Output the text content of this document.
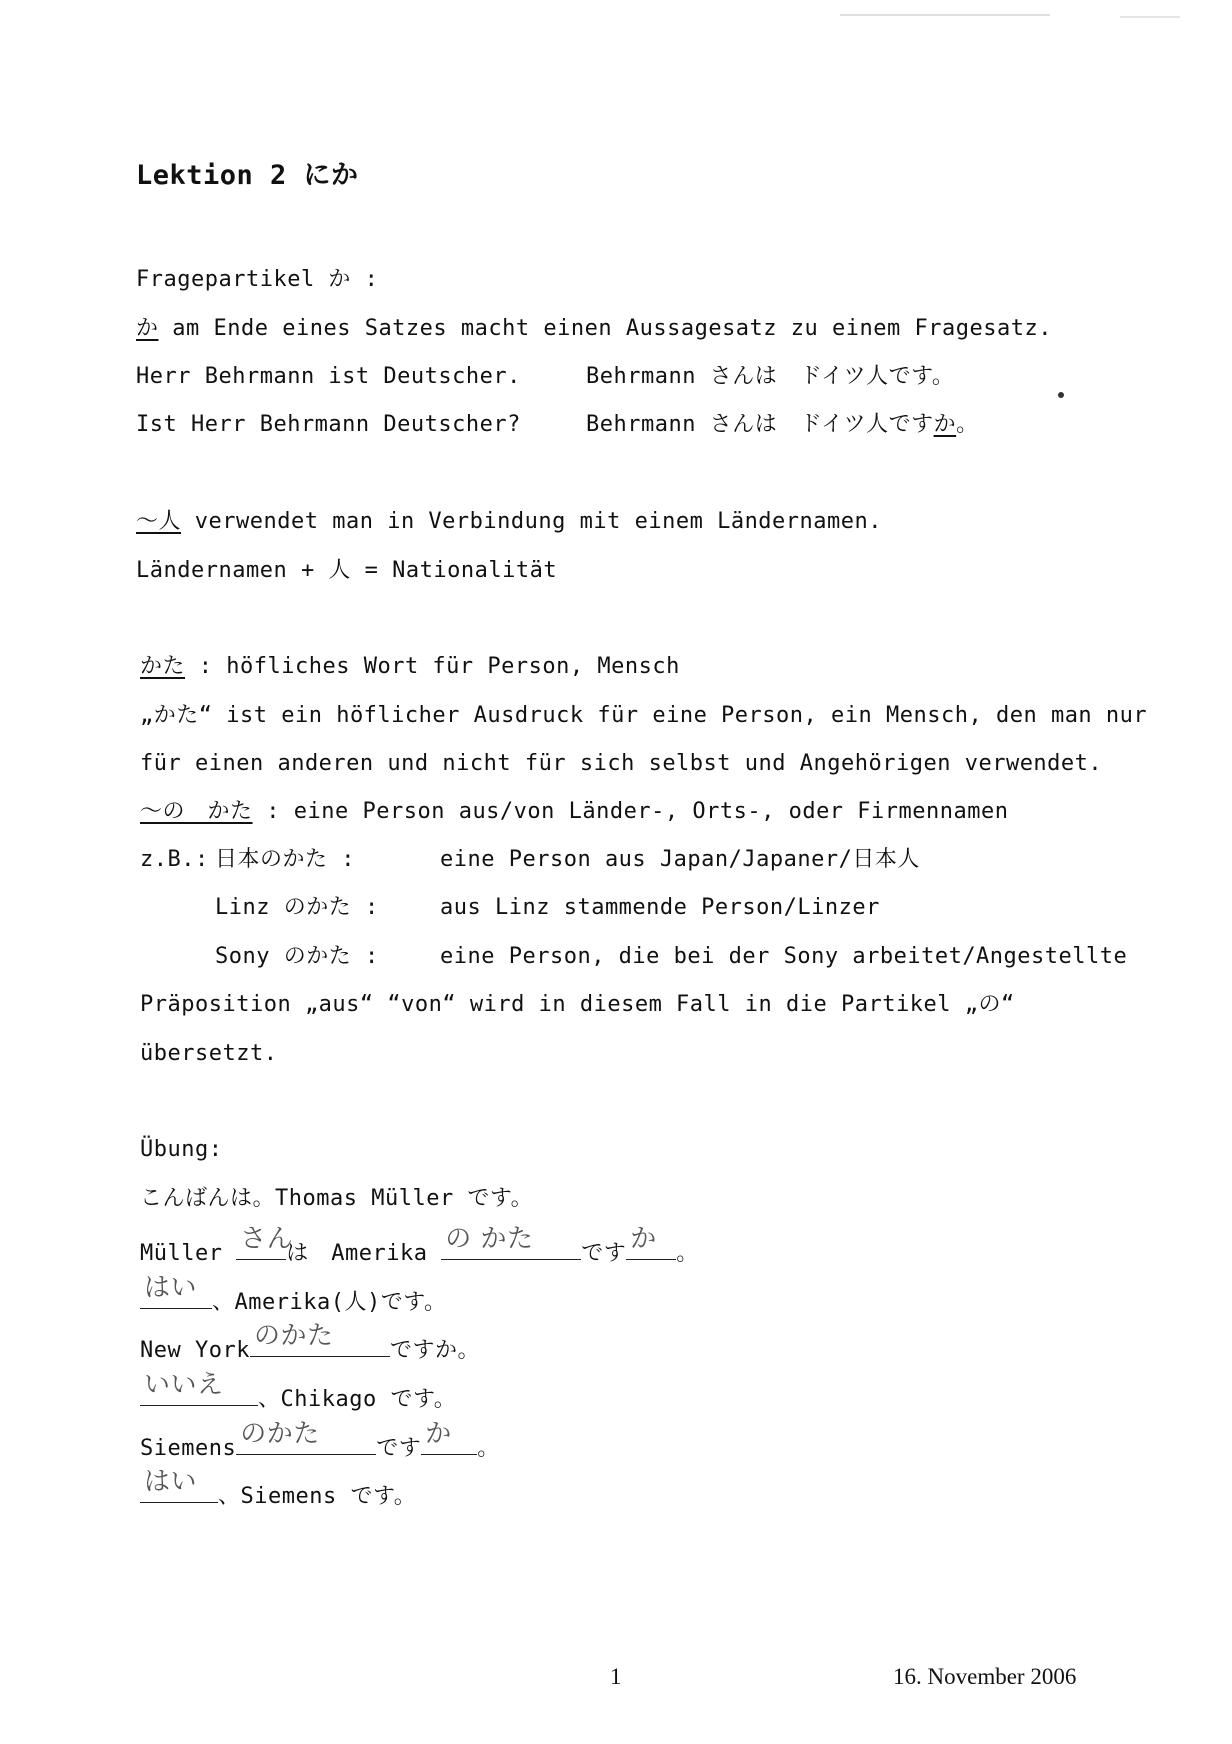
Lektion 2 にか
Fragepartikel か :
か am Ende eines Satzes macht einen Aussagesatz zu einem Fragesatz.
Herr Behrmann ist Deutscher.	Behrmann さんは　ドイツ人です。
Ist Herr Behrmann Deutscher?	Behrmann さんは　ドイツ人ですか。
～人 verwendet man in Verbindung mit einem Ländernamen.
Ländernamen + 人 = Nationalität
かた : höfliches Wort für Person, Mensch
„かた“ ist ein höflicher Ausdruck für eine Person, ein Mensch, den man nur
für einen anderen und nicht für sich selbst und Angehörigen verwendet.
～の　かた : eine Person aus/von Länder-, Orts-, oder Firmennamen
z.B.: 日本のかた :	eine Person aus Japan/Japaner/日本人
Linz のかた :	aus Linz stammende Person/Linzer
Sony のかた :	eine Person, die bei der Sony arbeitet/Angestellte
Präposition „aus“ “von“ wird in diesem Fall in die Partikel „の“
übersetzt.
Übung:
こんばんは。Thomas Müller です。
Müller さん
は　Amerika の かた です か 。
はい 、Amerika(人)です。
New York のかた	ですか。
いいえ 、Chikago です。
Siemens のかた	です か 。
はい 、Siemens です。
1	16. November 2006
